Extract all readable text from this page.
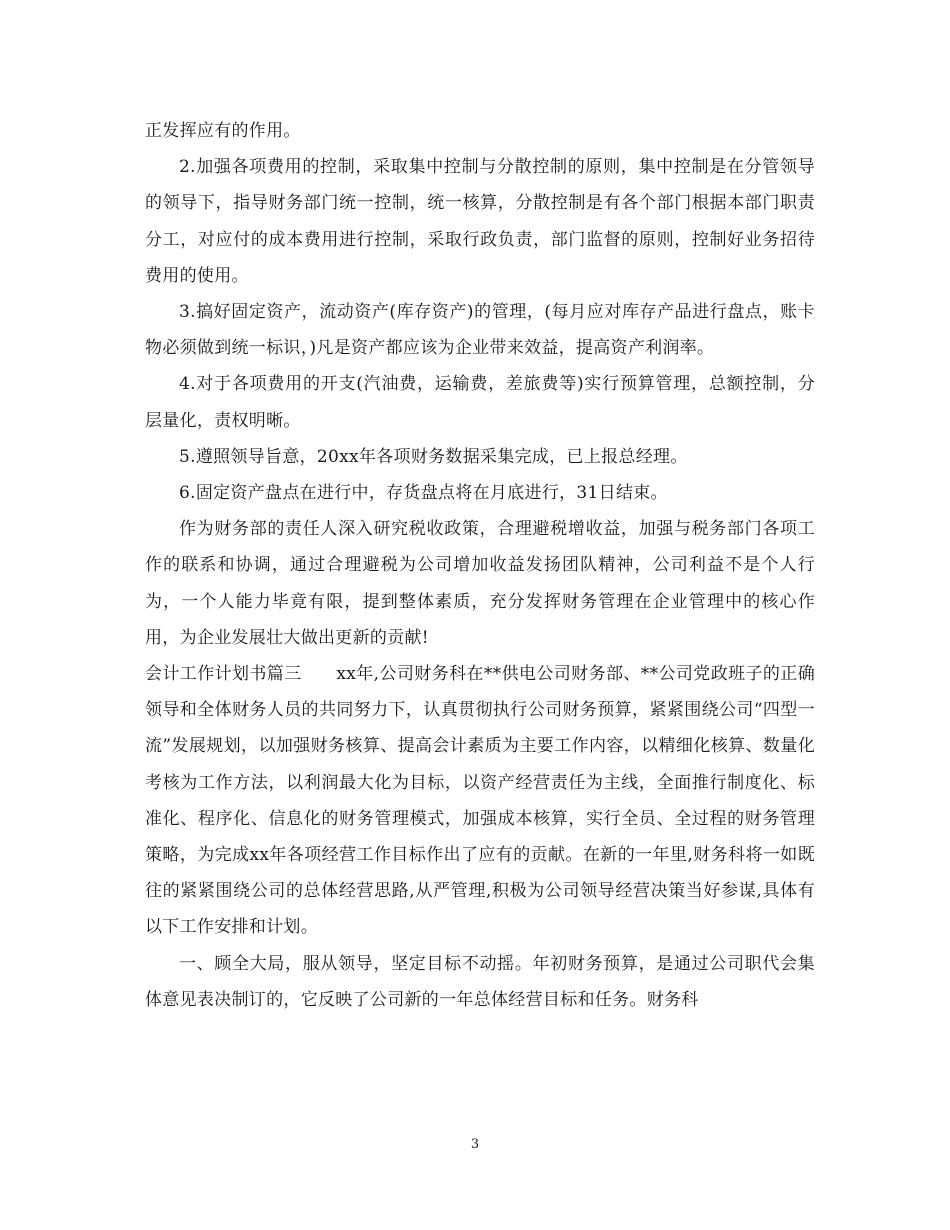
正发挥应有的作用。

2.加强各项费用的控制，采取集中控制与分散控制的原则，集中控制是在分管领导的领导下，指导财务部门统一控制，统一核算，分散控制是有各个部门根据本部门职责分工，对应付的成本费用进行控制，采取行政负责，部门监督的原则，控制好业务招待费用的使用。

3.搞好固定资产，流动资产(库存资产)的管理，(每月应对库存产品进行盘点，账卡物必须做到统一标识，)凡是资产都应该为企业带来效益，提高资产利润率。

4.对于各项费用的开支(汽油费，运输费，差旅费等)实行预算管理，总额控制，分层量化，责权明晰。

5.遵照领导旨意，20xx年各项财务数据采集完成，已上报总经理。

6.固定资产盘点在进行中，存货盘点将在月底进行，31日结束。

作为财务部的责任人深入研究税收政策，合理避税增收益，加强与税务部门各项工作的联系和协调，通过合理避税为公司增加收益发扬团队精神，公司利益不是个人行为，一个人能力毕竟有限，提到整体素质，充分发挥财务管理在企业管理中的核心作用，为企业发展壮大做出更新的贡献!

会计工作计划书篇三　　xx年,公司财务科在**供电公司财务部、**公司党政班子的正确领导和全体财务人员的共同努力下，认真贯彻执行公司财务预算，紧紧围绕公司“四型一流”发展规划，以加强财务核算、提高会计素质为主要工作内容，以精细化核算、数量化考核为工作方法，以利润最大化为目标，以资产经营责任为主线，全面推行制度化、标准化、程序化、信息化的财务管理模式，加强成本核算，实行全员、全过程的财务管理策略，为完成xx年各项经营工作目标作出了应有的贡献。在新的一年里,财务科将一如既往的紧紧围绕公司的总体经营思路,从严管理,积极为公司领导经营决策当好参谋,具体有以下工作安排和计划。

一、顾全大局，服从领导，坚定目标不动摇。年初财务预算，是通过公司职代会集体意见表决制订的，它反映了公司新的一年总体经营目标和任务。财务科

3
